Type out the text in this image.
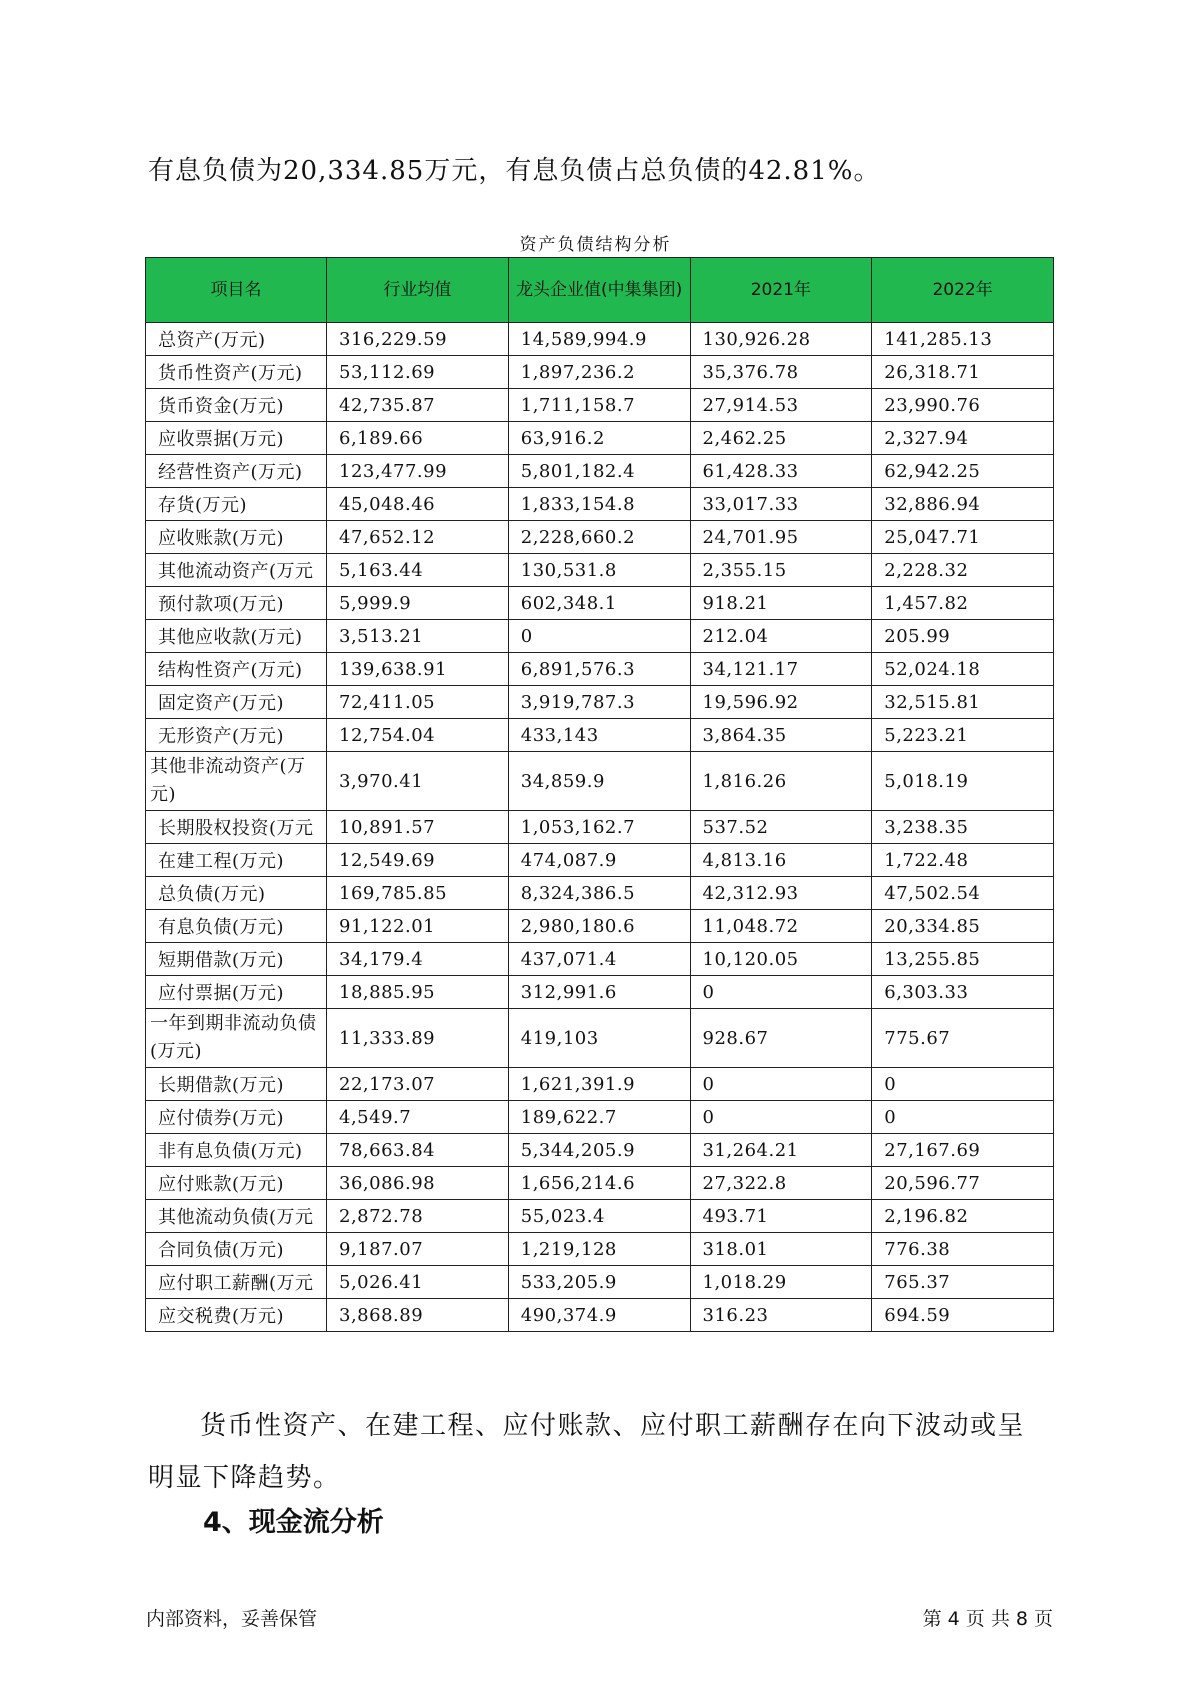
有息负债为20,334.85万元，有息负债占总负债的42.81%。

资产负债结构分析

项目名	行业均值	龙头企业值(中集集团)	2021年	2022年
总资产(万元)	316,229.59	14,589,994.9	130,926.28	141,285.13
货币性资产(万元)	53,112.69	1,897,236.2	35,376.78	26,318.71
货币资金(万元)	42,735.87	1,711,158.7	27,914.53	23,990.76
应收票据(万元)	6,189.66	63,916.2	2,462.25	2,327.94
经营性资产(万元)	123,477.99	5,801,182.4	61,428.33	62,942.25
存货(万元)	45,048.46	1,833,154.8	33,017.33	32,886.94
应收账款(万元)	47,652.12	2,228,660.2	24,701.95	25,047.71
其他流动资产(万元	5,163.44	130,531.8	2,355.15	2,228.32
预付款项(万元)	5,999.9	602,348.1	918.21	1,457.82
其他应收款(万元)	3,513.21	0	212.04	205.99
结构性资产(万元)	139,638.91	6,891,576.3	34,121.17	52,024.18
固定资产(万元)	72,411.05	3,919,787.3	19,596.92	32,515.81
无形资产(万元)	12,754.04	433,143	3,864.35	5,223.21
其他非流动资产(万元)	3,970.41	34,859.9	1,816.26	5,018.19
长期股权投资(万元	10,891.57	1,053,162.7	537.52	3,238.35
在建工程(万元)	12,549.69	474,087.9	4,813.16	1,722.48
总负债(万元)	169,785.85	8,324,386.5	42,312.93	47,502.54
有息负债(万元)	91,122.01	2,980,180.6	11,048.72	20,334.85
短期借款(万元)	34,179.4	437,071.4	10,120.05	13,255.85
应付票据(万元)	18,885.95	312,991.6	0	6,303.33
一年到期非流动负债(万元)	11,333.89	419,103	928.67	775.67
长期借款(万元)	22,173.07	1,621,391.9	0	0
应付债券(万元)	4,549.7	189,622.7	0	0
非有息负债(万元)	78,663.84	5,344,205.9	31,264.21	27,167.69
应付账款(万元)	36,086.98	1,656,214.6	27,322.8	20,596.77
其他流动负债(万元	2,872.78	55,023.4	493.71	2,196.82
合同负债(万元)	9,187.07	1,219,128	318.01	776.38
应付职工薪酬(万元	5,026.41	533,205.9	1,018.29	765.37
应交税费(万元)	3,868.89	490,374.9	316.23	694.59

货币性资产、在建工程、应付账款、应付职工薪酬存在向下波动或呈明显下降趋势。

4、现金流分析
内部资料，妥善保管	第 4 页 共 8 页
